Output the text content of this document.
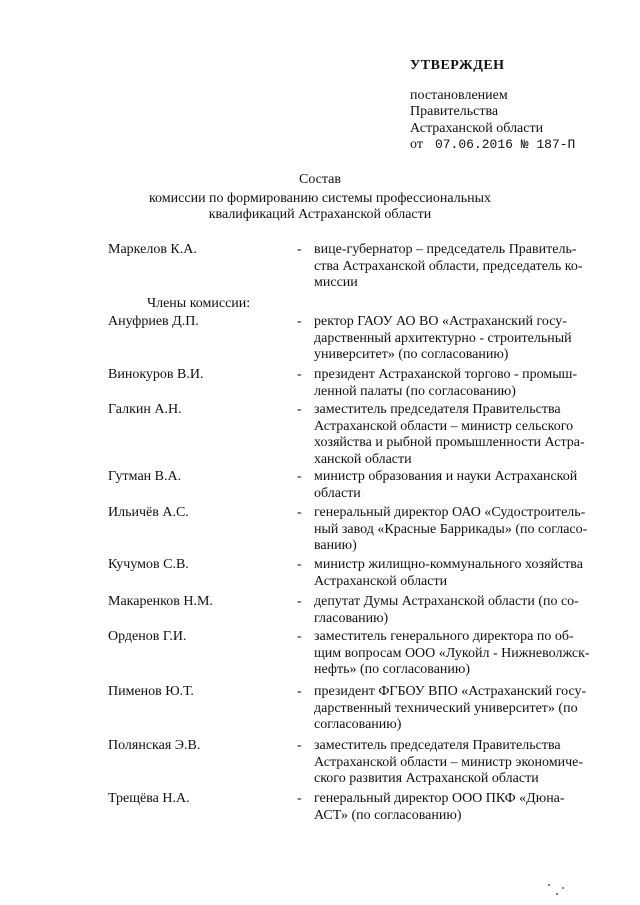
УТВЕРЖДЕН
постановлением
Правительства
Астраханской области
от 07.06.2016 № 187-П
Состав
комиссии по формированию системы профессиональных
квалификаций Астраханской области
Члены комиссии:
Маркелов К.А.	- вице-губернатор – председатель Правитель-
ства Астраханской области, председатель ко-
миссии
Ануфриев Д.П.	- ректор ГАОУ АО ВО «Астраханский госу-
дарственный архитектурно - строительный
университет» (по согласованию)
Винокуров В.И.	- президент Астраханской торгово - промыш-
ленной палаты (по согласованию)
Галкин А.Н.	- заместитель председателя Правительства
Астраханской области – министр сельского
хозяйства и рыбной промышленности Астра-
ханской области
Гутман В.А.	- министр образования и науки Астраханской
области
Ильичёв А.С.	- генеральный директор ОАО «Судостроитель-
ный завод «Красные Баррикады» (по согласо-
ванию)
Кучумов С.В.	- министр жилищно-коммунального хозяйства
Астраханской области
Макаренков Н.М.	- депутат Думы Астраханской области (по со-
гласованию)
Орденов Г.И.	- заместитель генерального директора по об-
щим вопросам ООО «Лукойл - Нижневолжск-
нефть» (по согласованию)
Пименов Ю.Т.	- президент ФГБОУ ВПО «Астраханский госу-
дарственный технический университет» (по
согласованию)
Полянская Э.В.	- заместитель председателя Правительства
Астраханской области – министр экономиче-
ского развития Астраханской области
Трещёва Н.А.	- генеральный директор ООО ПКФ «Дюна-
АСТ» (по согласованию)
